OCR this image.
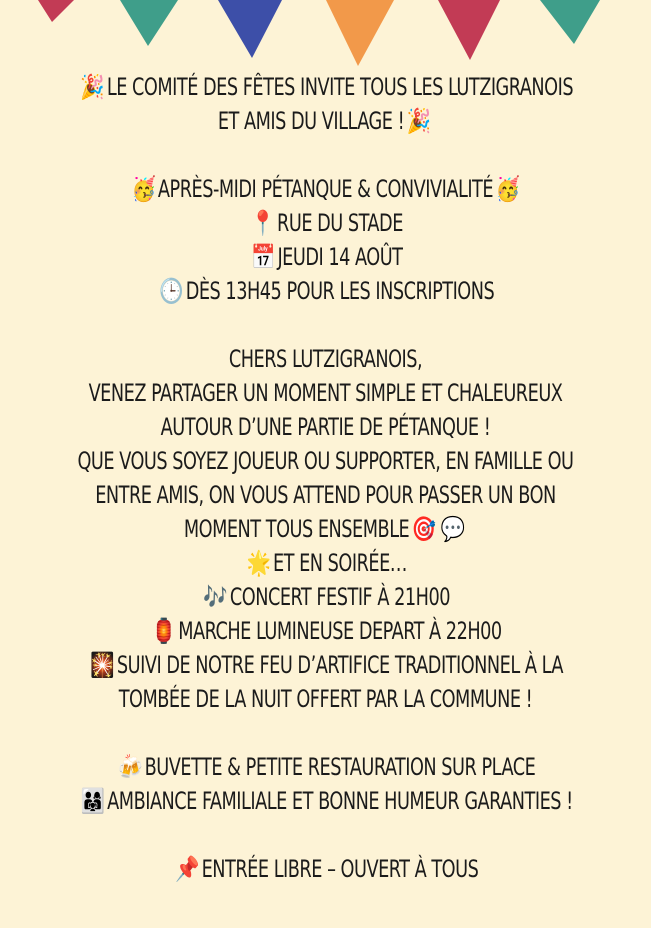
🎉 LE COMITÉ DES FÊTES INVITE TOUS LES LUTZIGRANOIS
ET AMIS DU VILLAGE ! 🎉
🥳 APRÈS-MIDI PÉTANQUE & CONVIVIALITÉ 🥳
📍 RUE DU STADE
📅 JEUDI 14 AOÛT
🕒 DÈS 13H45 POUR LES INSCRIPTIONS
CHERS LUTZIGRANOIS,
VENEZ PARTAGER UN MOMENT SIMPLE ET CHALEUREUX
AUTOUR D’UNE PARTIE DE PÉTANQUE !
QUE VOUS SOYEZ JOUEUR OU SUPPORTER, EN FAMILLE OU
ENTRE AMIS, ON VOUS ATTEND POUR PASSER UN BON
MOMENT TOUS ENSEMBLE 🎯 💬
🌟 ET EN SOIRÉE…
🎶 CONCERT FESTIF À 21H00
🏮 MARCHE LUMINEUSE DEPART À 22H00
🎇 SUIVI DE NOTRE FEU D’ARTIFICE TRADITIONNEL À LA
TOMBÉE DE LA NUIT OFFERT PAR LA COMMUNE !
🍻 BUVETTE & PETITE RESTAURATION SUR PLACE
👨‍👩‍👧 AMBIANCE FAMILIALE ET BONNE HUMEUR GARANTIES !
📌 ENTRÉE LIBRE – OUVERT À TOUS
